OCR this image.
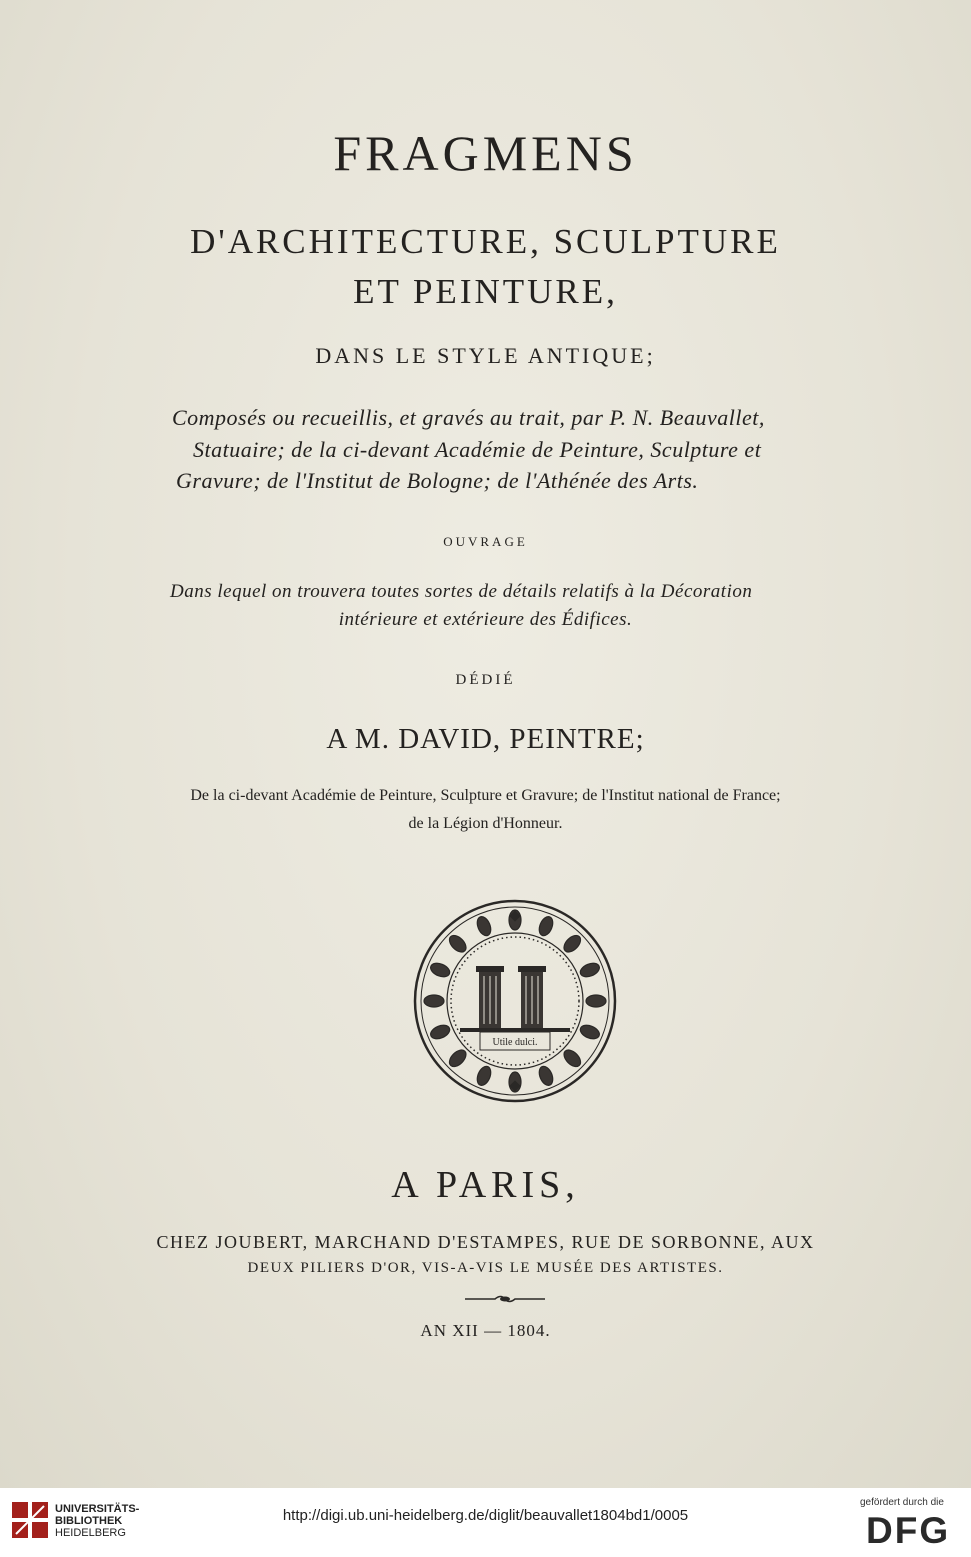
FRAGMENS
D'ARCHITECTURE, SCULPTURE
ET PEINTURE,
DANS LE STYLE ANTIQUE;
Composés ou recueillis, et gravés au trait, par P. N. Beauvallet,
Statuaire; de la ci-devant Académie de Peinture, Sculpture et
Gravure; de l'Institut de Bologne; de l'Athénée des Arts.
OUVRAGE
Dans lequel on trouvera toutes sortes de détails relatifs à la Décoration
intérieure et extérieure des Édifices.
DÉDIÉ
A M. DAVID, PEINTRE;
De la ci-devant Académie de Peinture, Sculpture et Gravure; de l'Institut national de France;
de la Légion d'Honneur.
Utile dulci.
A PARIS,
CHEZ JOUBERT, MARCHAND D'ESTAMPES, RUE DE SORBONNE, AUX
DEUX PILIERS D'OR, VIS-A-VIS LE MUSÉE DES ARTISTES.
AN XII — 1804.
UNIVERSITÄTS-
BIBLIOTHEK
HEIDELBERG
http://digi.ub.uni-heidelberg.de/diglit/beauvallet1804bd1/0005
gefördert durch die
DFG
